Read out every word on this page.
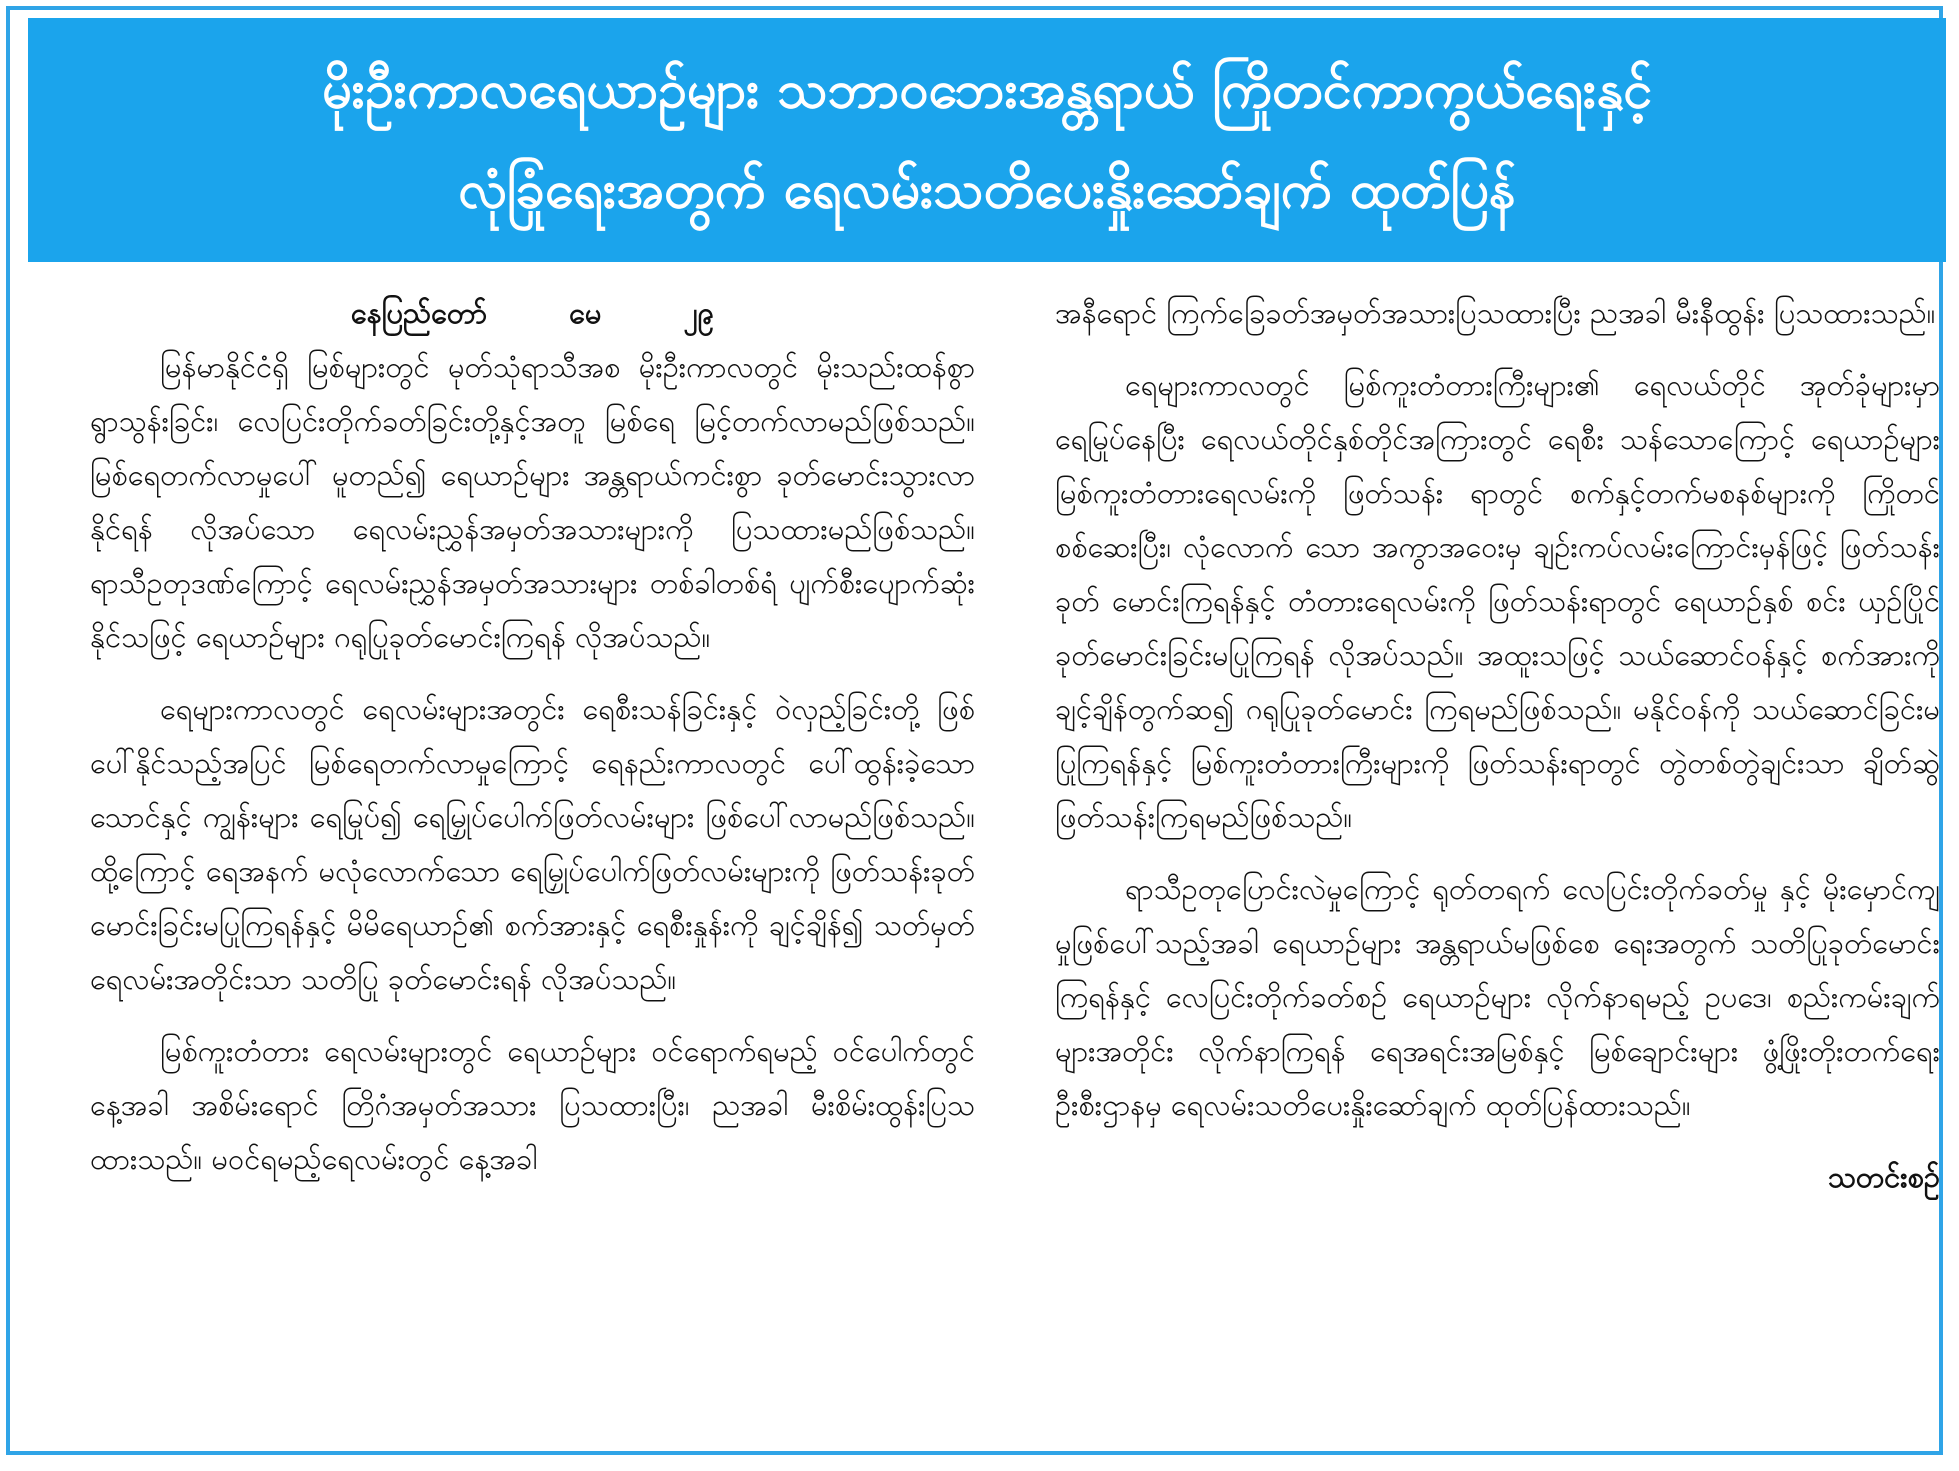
မိုးဦးကာလရေယာဉ်များ သဘာဝဘေးအန္တရာယ် ကြိုတင်ကာကွယ်ရေးနှင့်
လုံခြုံရေးအတွက် ရေလမ်းသတိပေးနှိုးဆော်ချက် ထုတ်ပြန်

နေပြည်တော်	မေ	၂၉

မြန်မာနိုင်ငံရှိ မြစ်များတွင် မုတ်သုံရာသီအစ မိုးဦးကာလတွင် မိုးသည်းထန်စွာ ရွာသွန်းခြင်း၊ လေပြင်းတိုက်ခတ်ခြင်းတို့နှင့်အတူ မြစ်ရေ မြင့်တက်လာမည်ဖြစ်သည်။ မြစ်ရေတက်လာမှုပေါ် မူတည်၍ ရေယာဉ်များ အန္တရာယ်ကင်းစွာ ခုတ်မောင်းသွားလာနိုင်ရန် လိုအပ်သော ရေလမ်းညွှန်အမှတ်အသားများကို ပြသထားမည်ဖြစ်သည်။ ရာသီဥတုဒဏ်ကြောင့် ရေလမ်းညွှန်အမှတ်အသားများ တစ်ခါတစ်ရံ ပျက်စီးပျောက်ဆုံးနိုင်သဖြင့် ရေယာဉ်များ ဂရုပြုခုတ်မောင်းကြရန် လိုအပ်သည်။

ရေများကာလတွင် ရေလမ်းများအတွင်း ရေစီးသန်ခြင်းနှင့် ဝဲလှည့်ခြင်းတို့ ဖြစ်ပေါ်နိုင်သည့်အပြင် မြစ်ရေတက်လာမှုကြောင့် ရေနည်းကာလတွင် ပေါ်ထွန်းခဲ့သော သောင်နှင့် ကျွန်းများ ရေမြုပ်၍ ရေမြှုပ်ပေါက်ဖြတ်လမ်းများ ဖြစ်ပေါ်လာမည်ဖြစ်သည်။ ထို့ကြောင့် ရေအနက် မလုံလောက်သော ရေမြှုပ်ပေါက်ဖြတ်လမ်းများကို ဖြတ်သန်းခုတ်မောင်းခြင်းမပြုကြရန်နှင့် မိမိရေယာဉ်၏ စက်အားနှင့် ရေစီးနှုန်းကို ချင့်ချိန်၍ သတ်မှတ်ရေလမ်းအတိုင်းသာ သတိပြု ခုတ်မောင်းရန် လိုအပ်သည်။

မြစ်ကူးတံတား ရေလမ်းများတွင် ရေယာဉ်များ ဝင်ရောက်ရမည့် ဝင်ပေါက်တွင် နေ့အခါ အစိမ်းရောင် တြိဂံအမှတ်အသား ပြသထားပြီး၊ ညအခါ မီးစိမ်းထွန်းပြသထားသည်။ မဝင်ရမည့်ရေလမ်းတွင် နေ့အခါ

အနီရောင် ကြက်ခြေခတ်အမှတ်အသားပြသထားပြီး ညအခါ မီးနီထွန်း ပြသထားသည်။

ရေများကာလတွင် မြစ်ကူးတံတားကြီးများ၏ ရေလယ်တိုင် အုတ်ခုံများမှာ ရေမြုပ်နေပြီး ရေလယ်တိုင်နှစ်တိုင်အကြားတွင် ရေစီး သန်သောကြောင့် ရေယာဉ်များ မြစ်ကူးတံတားရေလမ်းကို ဖြတ်သန်း ရာတွင် စက်နှင့်တက်မစနစ်များကို ကြိုတင်စစ်ဆေးပြီး၊ လုံလောက် သော အကွာအဝေးမှ ချဉ်းကပ်လမ်းကြောင်းမှန်ဖြင့် ဖြတ်သန်းခုတ် မောင်းကြရန်နှင့် တံတားရေလမ်းကို ဖြတ်သန်းရာတွင် ရေယာဉ်နှစ် စင်း ယှဉ်ပြိုင်ခုတ်မောင်းခြင်းမပြုကြရန် လိုအပ်သည်။ အထူးသဖြင့် သယ်ဆောင်ဝန်နှင့် စက်အားကို ချင့်ချိန်တွက်ဆ၍ ဂရုပြုခုတ်မောင်း ကြရမည်ဖြစ်သည်။ မနိုင်ဝန်ကို သယ်ဆောင်ခြင်းမပြုကြရန်နှင့် မြစ်ကူးတံတားကြီးများကို ဖြတ်သန်းရာတွင် တွဲတစ်တွဲချင်းသာ ချိတ်ဆွဲဖြတ်သန်းကြရမည်ဖြစ်သည်။

ရာသီဥတုပြောင်းလဲမှုကြောင့် ရုတ်တရက် လေပြင်းတိုက်ခတ်မှု နှင့် မိုးမှောင်ကျမှုဖြစ်ပေါ်သည့်အခါ ရေယာဉ်များ အန္တရာယ်မဖြစ်စေ ရေးအတွက် သတိပြုခုတ်မောင်းကြရန်နှင့် လေပြင်းတိုက်ခတ်စဉ် ရေယာဉ်များ လိုက်နာရမည့် ဥပဒေ၊ စည်းကမ်းချက်များအတိုင်း လိုက်နာကြရန် ရေအရင်းအမြစ်နှင့် မြစ်ချောင်းများ ဖွံ့ဖြိုးတိုးတက်ရေး ဦးစီးဌာနမှ ရေလမ်းသတိပေးနှိုးဆော်ချက် ထုတ်ပြန်ထားသည်။

သတင်းစဉ်
